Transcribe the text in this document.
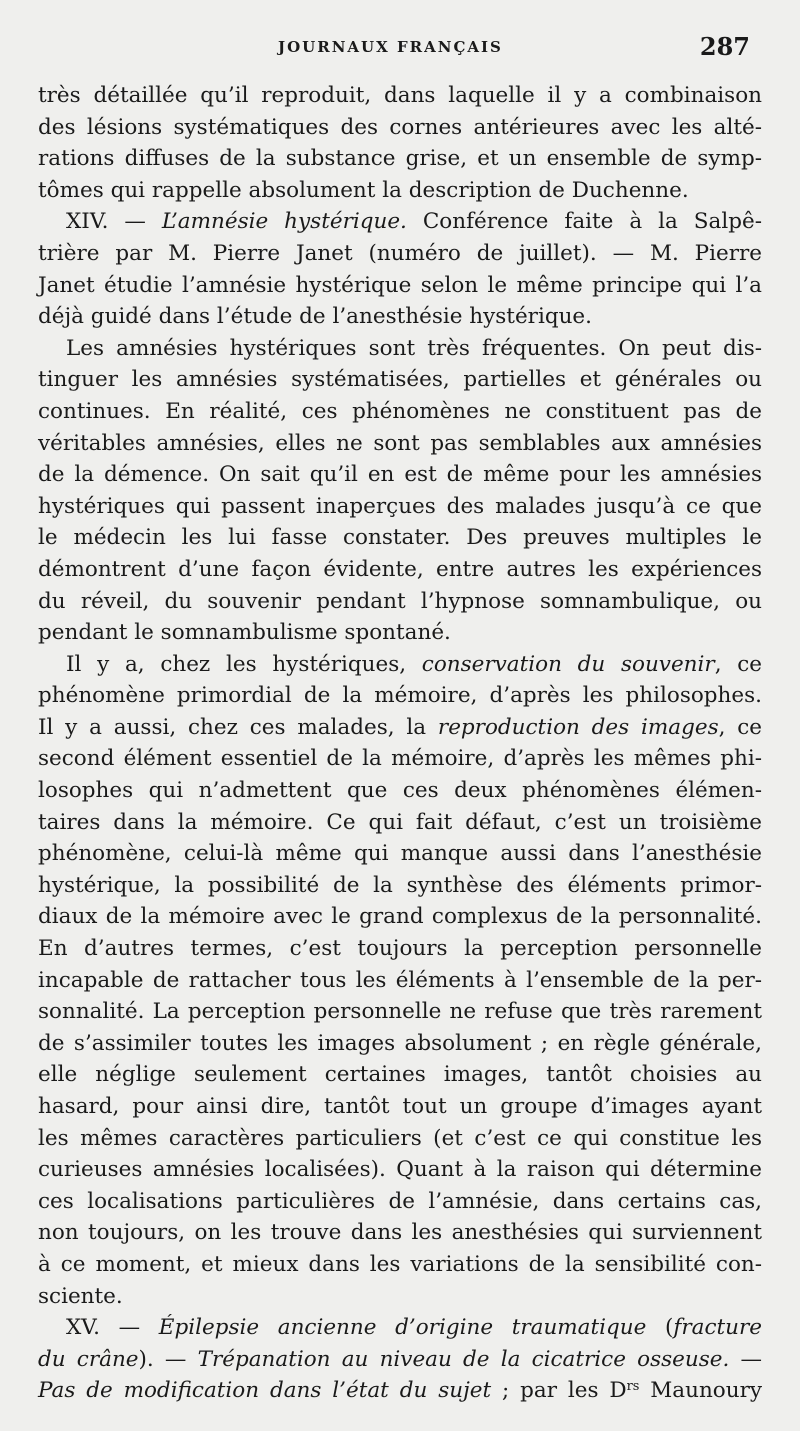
JOURNAUX FRANÇAIS	287
très détaillée qu’il reproduit, dans laquelle il y a combinaison
des lésions systématiques des cornes antérieures avec les alté-
rations diffuses de la substance grise, et un ensemble de symp-
tômes qui rappelle absolument la description de Duchenne.
XIV. — L’amnésie hystérique. Conférence faite à la Salpê-
trière par M. Pierre Janet (numéro de juillet). — M. Pierre
Janet étudie l’amnésie hystérique selon le même principe qui l’a
déjà guidé dans l’étude de l’anesthésie hystérique.
Les amnésies hystériques sont très fréquentes. On peut dis-
tinguer les amnésies systématisées, partielles et générales ou
continues. En réalité, ces phénomènes ne constituent pas de
véritables amnésies, elles ne sont pas semblables aux amnésies
de la démence. On sait qu’il en est de même pour les amnésies
hystériques qui passent inaperçues des malades jusqu’à ce que
le médecin les lui fasse constater. Des preuves multiples le
démontrent d’une façon évidente, entre autres les expériences
du réveil, du souvenir pendant l’hypnose somnambulique, ou
pendant le somnambulisme spontané.
Il y a, chez les hystériques, conservation du souvenir, ce
phénomène primordial de la mémoire, d’après les philosophes.
Il y a aussi, chez ces malades, la reproduction des images, ce
second élément essentiel de la mémoire, d’après les mêmes phi-
losophes qui n’admettent que ces deux phénomènes élémen-
taires dans la mémoire. Ce qui fait défaut, c’est un troisième
phénomène, celui-là même qui manque aussi dans l’anesthésie
hystérique, la possibilité de la synthèse des éléments primor-
diaux de la mémoire avec le grand complexus de la personnalité.
En d’autres termes, c’est toujours la perception personnelle
incapable de rattacher tous les éléments à l’ensemble de la per-
sonnalité. La perception personnelle ne refuse que très rarement
de s’assimiler toutes les images absolument ; en règle générale,
elle néglige seulement certaines images, tantôt choisies au
hasard, pour ainsi dire, tantôt tout un groupe d’images ayant
les mêmes caractères particuliers (et c’est ce qui constitue les
curieuses amnésies localisées). Quant à la raison qui détermine
ces localisations particulières de l’amnésie, dans certains cas,
non toujours, on les trouve dans les anesthésies qui surviennent
à ce moment, et mieux dans les variations de la sensibilité con-
sciente.
XV. — Épilepsie ancienne d’origine traumatique (fracture
du crâne). — Trépanation au niveau de la cicatrice osseuse. —
Pas de modification dans l’état du sujet ; par les $D^{rs}$ Maunoury
